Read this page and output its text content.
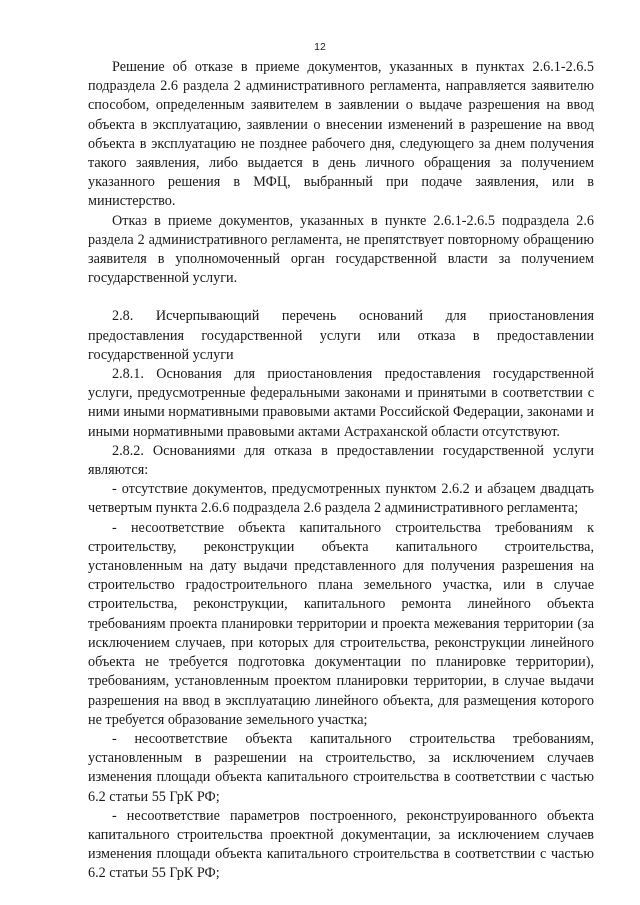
12

Решение об отказе в приеме документов, указанных в пунктах 2.6.1-2.6.5 подраздела 2.6 раздела 2 административного регламента, направляется заявителю способом, определенным заявителем в заявлении о выдаче разрешения на ввод объекта в эксплуатацию, заявлении о внесении изменений в разрешение на ввод объекта в эксплуатацию не позднее рабочего дня, следующего за днем получения такого заявления, либо выдается в день личного обращения за получением указанного решения в МФЦ, выбранный при подаче заявления, или в министерство.

Отказ в приеме документов, указанных в пункте 2.6.1-2.6.5 подраздела 2.6 раздела 2 административного регламента, не препятствует повторному обращению заявителя в уполномоченный орган государственной власти за получением государственной услуги.

2.8. Исчерпывающий перечень оснований для приостановления предоставления государственной услуги или отказа в предоставлении государственной услуги

2.8.1. Основания для приостановления предоставления государственной услуги, предусмотренные федеральными законами и принятыми в соответствии с ними иными нормативными правовыми актами Российской Федерации, законами и иными нормативными правовыми актами Астраханской области отсутствуют.

2.8.2. Основаниями для отказа в предоставлении государственной услуги являются:

- отсутствие документов, предусмотренных пунктом 2.6.2 и абзацем двадцать четвертым пункта 2.6.6 подраздела 2.6 раздела 2 административного регламента;

- несоответствие объекта капитального строительства требованиям к строительству, реконструкции объекта капитального строительства, установленным на дату выдачи представленного для получения разрешения на строительство градостроительного плана земельного участка, или в случае строительства, реконструкции, капитального ремонта линейного объекта требованиям проекта планировки территории и проекта межевания территории (за исключением случаев, при которых для строительства, реконструкции линейного объекта не требуется подготовка документации по планировке территории), требованиям, установленным проектом планировки территории, в случае выдачи разрешения на ввод в эксплуатацию линейного объекта, для размещения которого не требуется образование земельного участка;

- несоответствие объекта капитального строительства требованиям, установленным в разрешении на строительство, за исключением случаев изменения площади объекта капитального строительства в соответствии с частью 6.2 статьи 55 ГрК РФ;

- несоответствие параметров построенного, реконструированного объекта капитального строительства проектной документации, за исключением случаев изменения площади объекта капитального строительства в соответствии с частью 6.2 статьи 55 ГрК РФ;
